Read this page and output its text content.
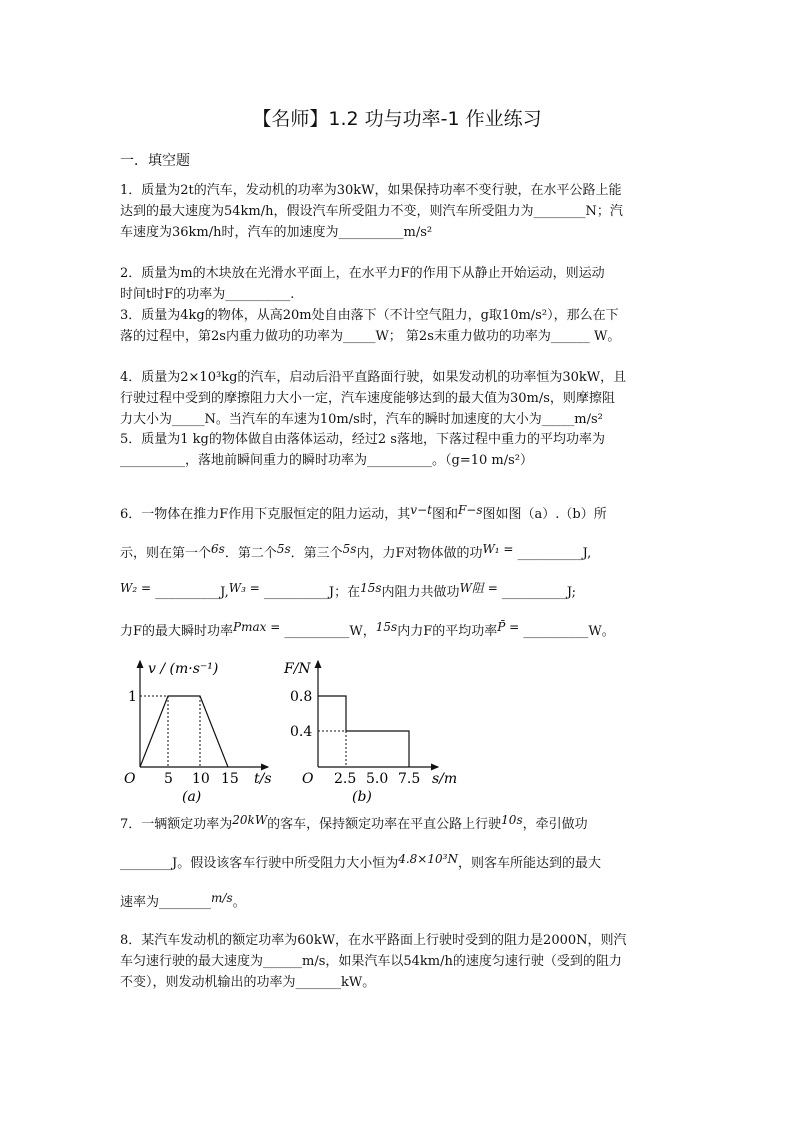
【名师】1.2 功与功率-1 作业练习
一．填空题

1．质量为2t的汽车，发动机的功率为30kW，如果保持功率不变行驶，在水平公路上能

达到的最大速度为54km/h，假设汽车所受阻力不变，则汽车所受阻力为________N；汽

车速度为36km/h时，汽车的加速度为__________m/s²

2．质量为m的木块放在光滑水平面上，在水平力F的作用下从静止开始运动，则运动

时间t时F的功率为__________.

3．质量为4kg的物体，从高20m处自由落下（不计空气阻力，g取10m/s²），那么在下

落的过程中，第2s内重力做功的功率为_____W； 第2s末重力做功的功率为______ W。

4．质量为2×10³kg的汽车，启动后沿平直路面行驶，如果发动机的功率恒为30kW，且

行驶过程中受到的摩擦阻力大小一定，汽车速度能够达到的最大值为30m/s，则摩擦阻

力大小为_____N。当汽车的车速为10m/s时，汽车的瞬时加速度的大小为_____m/s²

5．质量为1 kg的物体做自由落体运动，经过2 s落地，下落过程中重力的平均功率为

__________，落地前瞬间重力的瞬时功率为__________。（g=10 m/s²）

6．一物体在推力F作用下克服恒定的阻力运动，其v−t图和F−s图如图（a）.（b）所

示，则在第一个6s．第二个5s．第三个5s内，力F对物体做的功W₁ = __________J,

W₂ = __________J,W₃ = __________J；在15s内阻力共做功W阻 = __________J;

力F的最大瞬时功率Pmax = __________W，15s内力F的平均功率P̄ = __________W。

v / (m·s⁻¹)
1
O 5 10 15 t/s
(a)
F/N
0.8
0.4
O 2.5 5.0 7.5 s/m
(b)

7．一辆额定功率为20kW的客车，保持额定功率在平直公路上行驶10s，牵引做功

________J。假设该客车行驶中所受阻力大小恒为4.8×10³N，则客车所能达到的最大

速率为________m/s。

8．某汽车发动机的额定功率为60kW，在水平路面上行驶时受到的阻力是2000N，则汽

车匀速行驶的最大速度为______m/s，如果汽车以54km/h的速度匀速行驶（受到的阻力

不变），则发动机输出的功率为_______kW。
